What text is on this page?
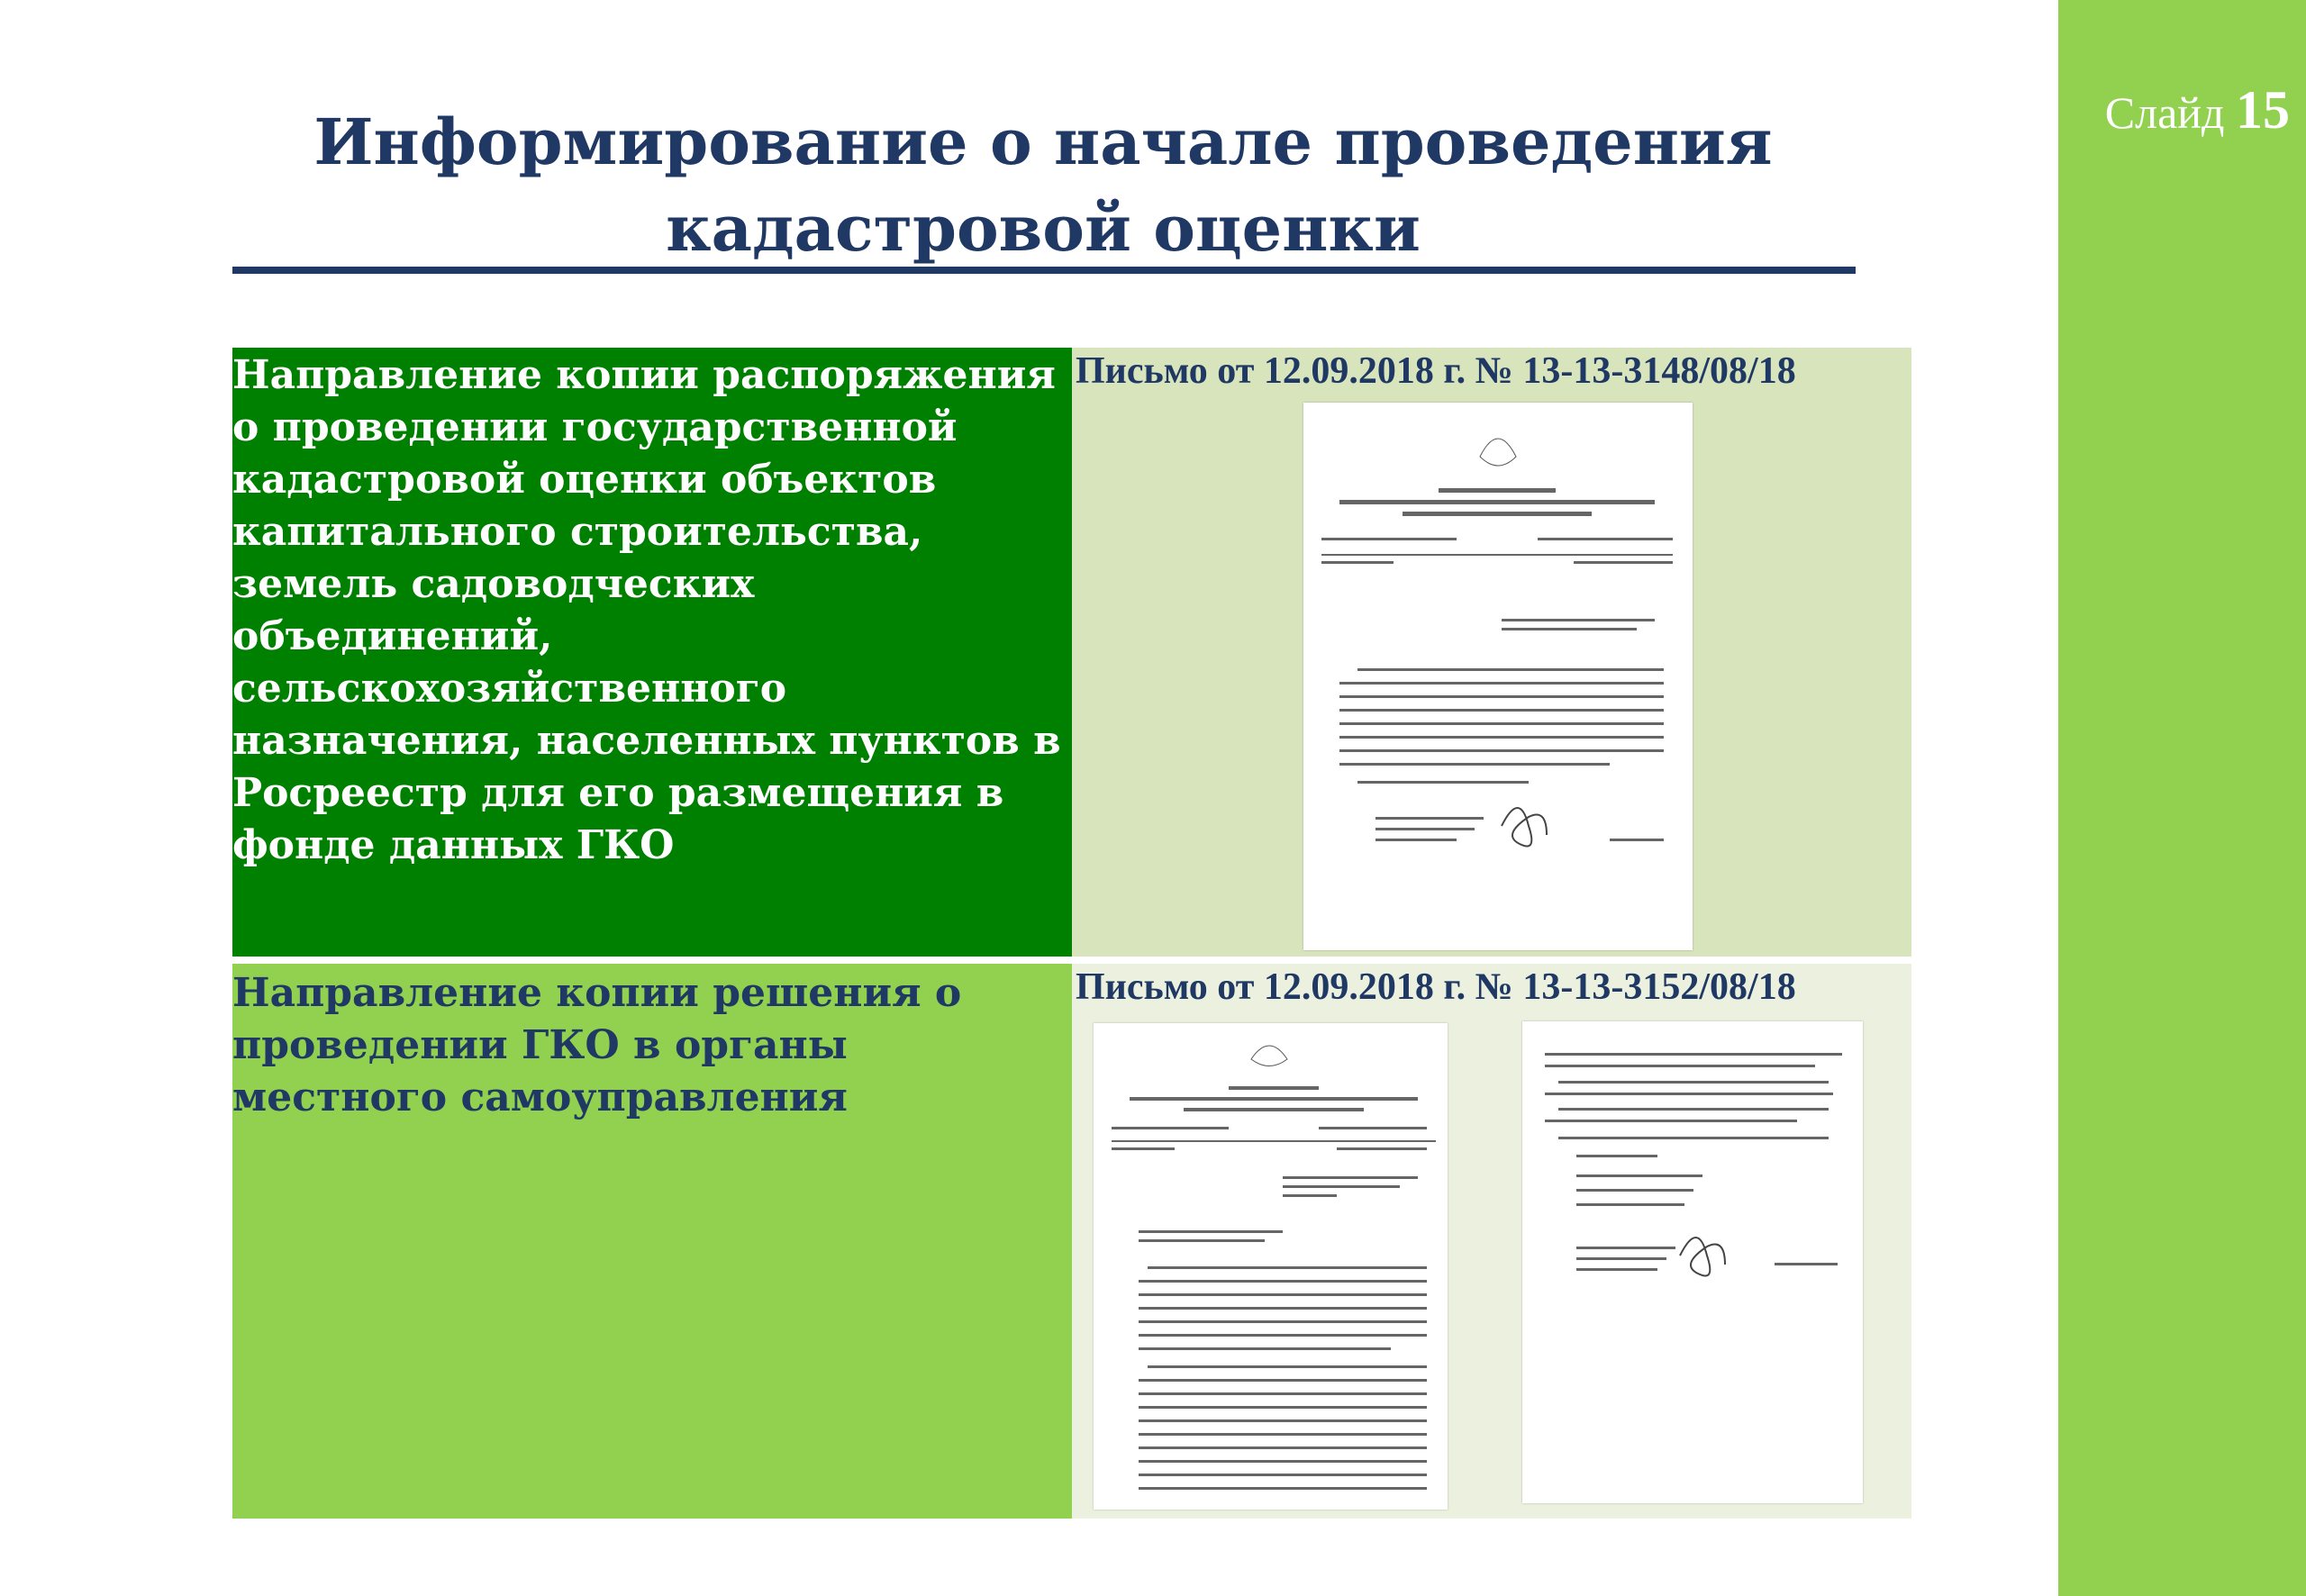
Слайд 15
Информирование о начале проведения кадастровой оценки

Направление копии распоряжения о проведении государственной кадастровой оценки объектов капитального строительства, земель садоводческих объединений, сельскохозяйственного назначения, населенных пунктов в Росреестр для его размещения в фонде данных ГКО

Письмо от 12.09.2018 г. № 13-13-3148/08/18

Направление копии решения о проведении ГКО в органы местного самоуправления

Письмо от 12.09.2018 г. № 13-13-3152/08/18
